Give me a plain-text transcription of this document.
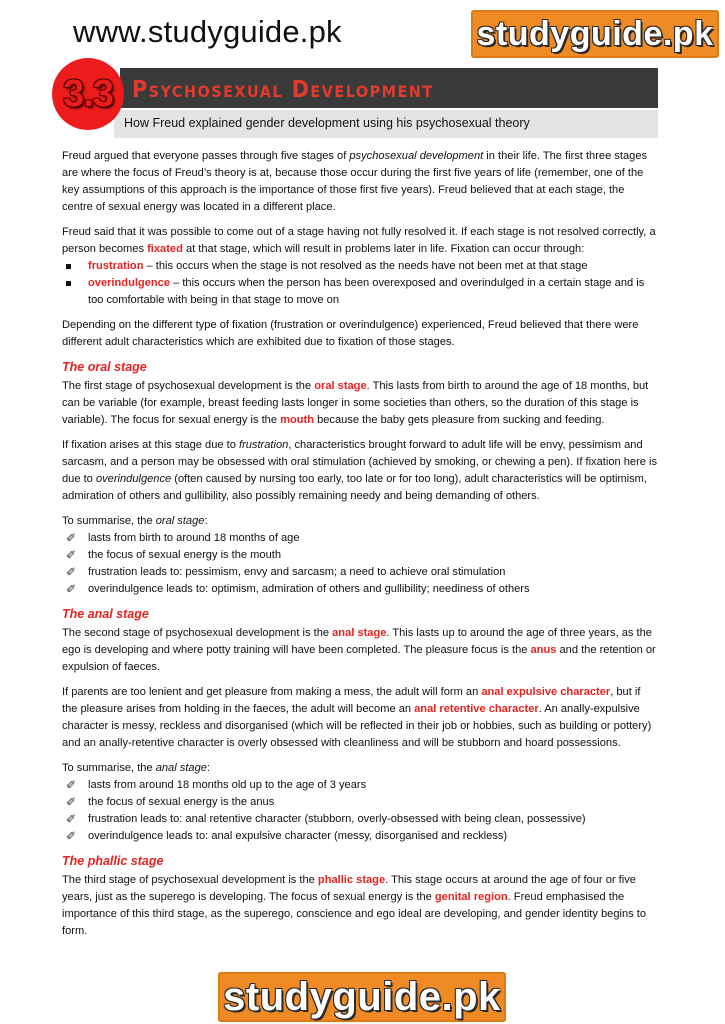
www.studyguide.pk	studyguide.pk
3.3 Psychosexual Development
How Freud explained gender development using his psychosexual theory

Freud argued that everyone passes through five stages of psychosexual development in their life. The first three stages are where the focus of Freud’s theory is at, because those occur during the first five years of life (remember, one of the key assumptions of this approach is the importance of those first five years). Freud believed that at each stage, the centre of sexual energy was located in a different place.

Freud said that it was possible to come out of a stage having not fully resolved it. If each stage is not resolved correctly, a person becomes fixated at that stage, which will result in problems later in life. Fixation can occur through:

frustration – this occurs when the stage is not resolved as the needs have not been met at that stage
overindulgence – this occurs when the person has been overexposed and overindulged in a certain stage and is too comfortable with being in that stage to move on

Depending on the different type of fixation (frustration or overindulgence) experienced, Freud believed that there were different adult characteristics which are exhibited due to fixation of those stages.

The oral stage

The first stage of psychosexual development is the oral stage. This lasts from birth to around the age of 18 months, but can be variable (for example, breast feeding lasts longer in some societies than others, so the duration of this stage is variable). The focus for sexual energy is the mouth because the baby gets pleasure from sucking and feeding.

If fixation arises at this stage due to frustration, characteristics brought forward to adult life will be envy, pessimism and sarcasm, and a person may be obsessed with oral stimulation (achieved by smoking, or chewing a pen). If fixation here is due to overindulgence (often caused by nursing too early, too late or for too long), adult characteristics will be optimism, admiration of others and gullibility, also possibly remaining needy and being demanding of others.

To summarise, the oral stage:

✐ lasts from birth to around 18 months of age
✐ the focus of sexual energy is the mouth
✐ frustration leads to: pessimism, envy and sarcasm; a need to achieve oral stimulation
✐ overindulgence leads to: optimism, admiration of others and gullibility; neediness of others
The anal stage

The second stage of psychosexual development is the anal stage. This lasts up to around the age of three years, as the ego is developing and where potty training will have been completed. The pleasure focus is the anus and the retention or expulsion of faeces.

If parents are too lenient and get pleasure from making a mess, the adult will form an anal expulsive character, but if the pleasure arises from holding in the faeces, the adult will become an anal retentive character. An anally-expulsive character is messy, reckless and disorganised (which will be reflected in their job or hobbies, such as building or pottery) and an anally-retentive character is overly obsessed with cleanliness and will be stubborn and hoard possessions.

To summarise, the anal stage:

✐ lasts from around 18 months old up to the age of 3 years
✐ the focus of sexual energy is the anus
✐ frustration leads to: anal retentive character (stubborn, overly-obsessed with being clean, possessive)
✐ overindulgence leads to: anal expulsive character (messy, disorganised and reckless)
The phallic stage

The third stage of psychosexual development is the phallic stage. This stage occurs at around the age of four or five years, just as the superego is developing. The focus of sexual energy is the genital region. Freud emphasised the importance of this third stage, as the superego, conscience and ego ideal are developing, and gender identity begins to form.

studyguide.pk
